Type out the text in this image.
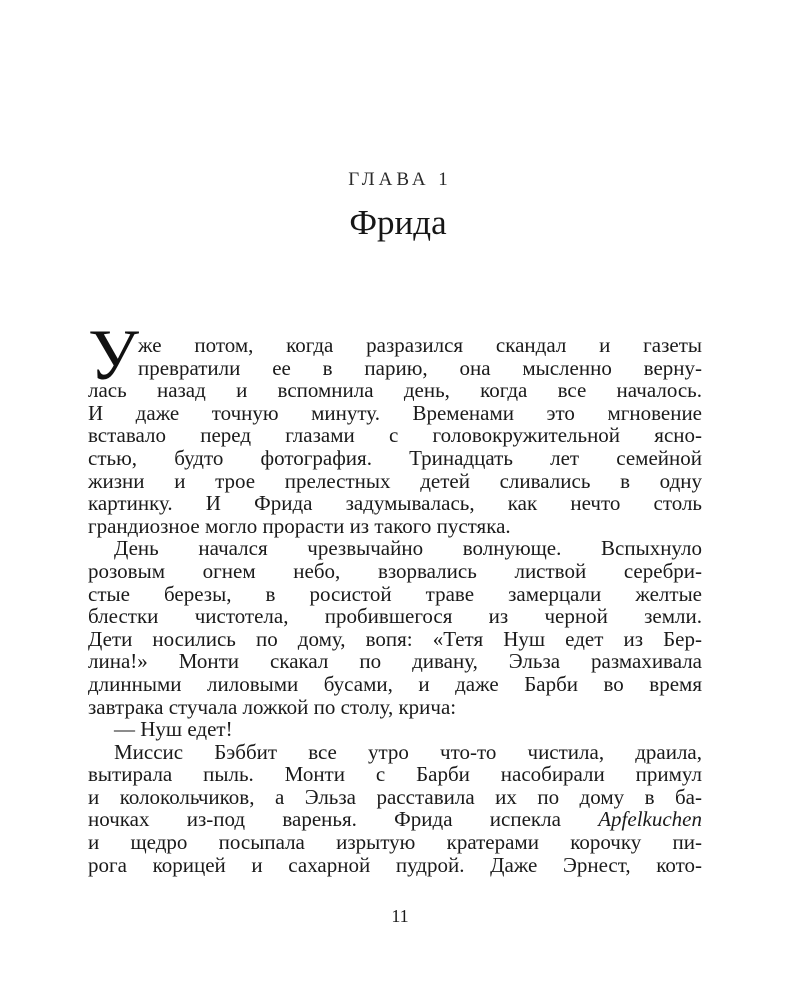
ГЛАВА 1
Фрида
У же потом, когда разразился скандал и газеты
превратили ее в парию, она мысленно верну-
лась назад и вспомнила день, когда все началось.
И даже точную минуту. Временами это мгновение
вставало перед глазами с головокружительной ясно-
стью, будто фотография. Тринадцать лет семейной
жизни и трое прелестных детей сливались в одну
картинку. И Фрида задумывалась, как нечто столь
грандиозное могло прорасти из такого пустяка.
День начался чрезвычайно волнующе. Вспыхнуло
розовым огнем небо, взорвались листвой серебри-
стые березы, в росистой траве замерцали желтые
блестки чистотела, пробившегося из черной земли.
Дети носились по дому, вопя: «Тетя Нуш едет из Бер-
лина!» Монти скакал по дивану, Эльза размахивала
длинными лиловыми бусами, и даже Барби во время
завтрака стучала ложкой по столу, крича:
— Нуш едет!
Миссис Бэббит все утро что-то чистила, драила,
вытирала пыль. Монти с Барби насобирали примул
и колокольчиков, а Эльза расставила их по дому в ба-
ночках из-под варенья. Фрида испекла Apfelkuchen
и щедро посыпала изрытую кратерами корочку пи-
рога корицей и сахарной пудрой. Даже Эрнест, кото-
11
